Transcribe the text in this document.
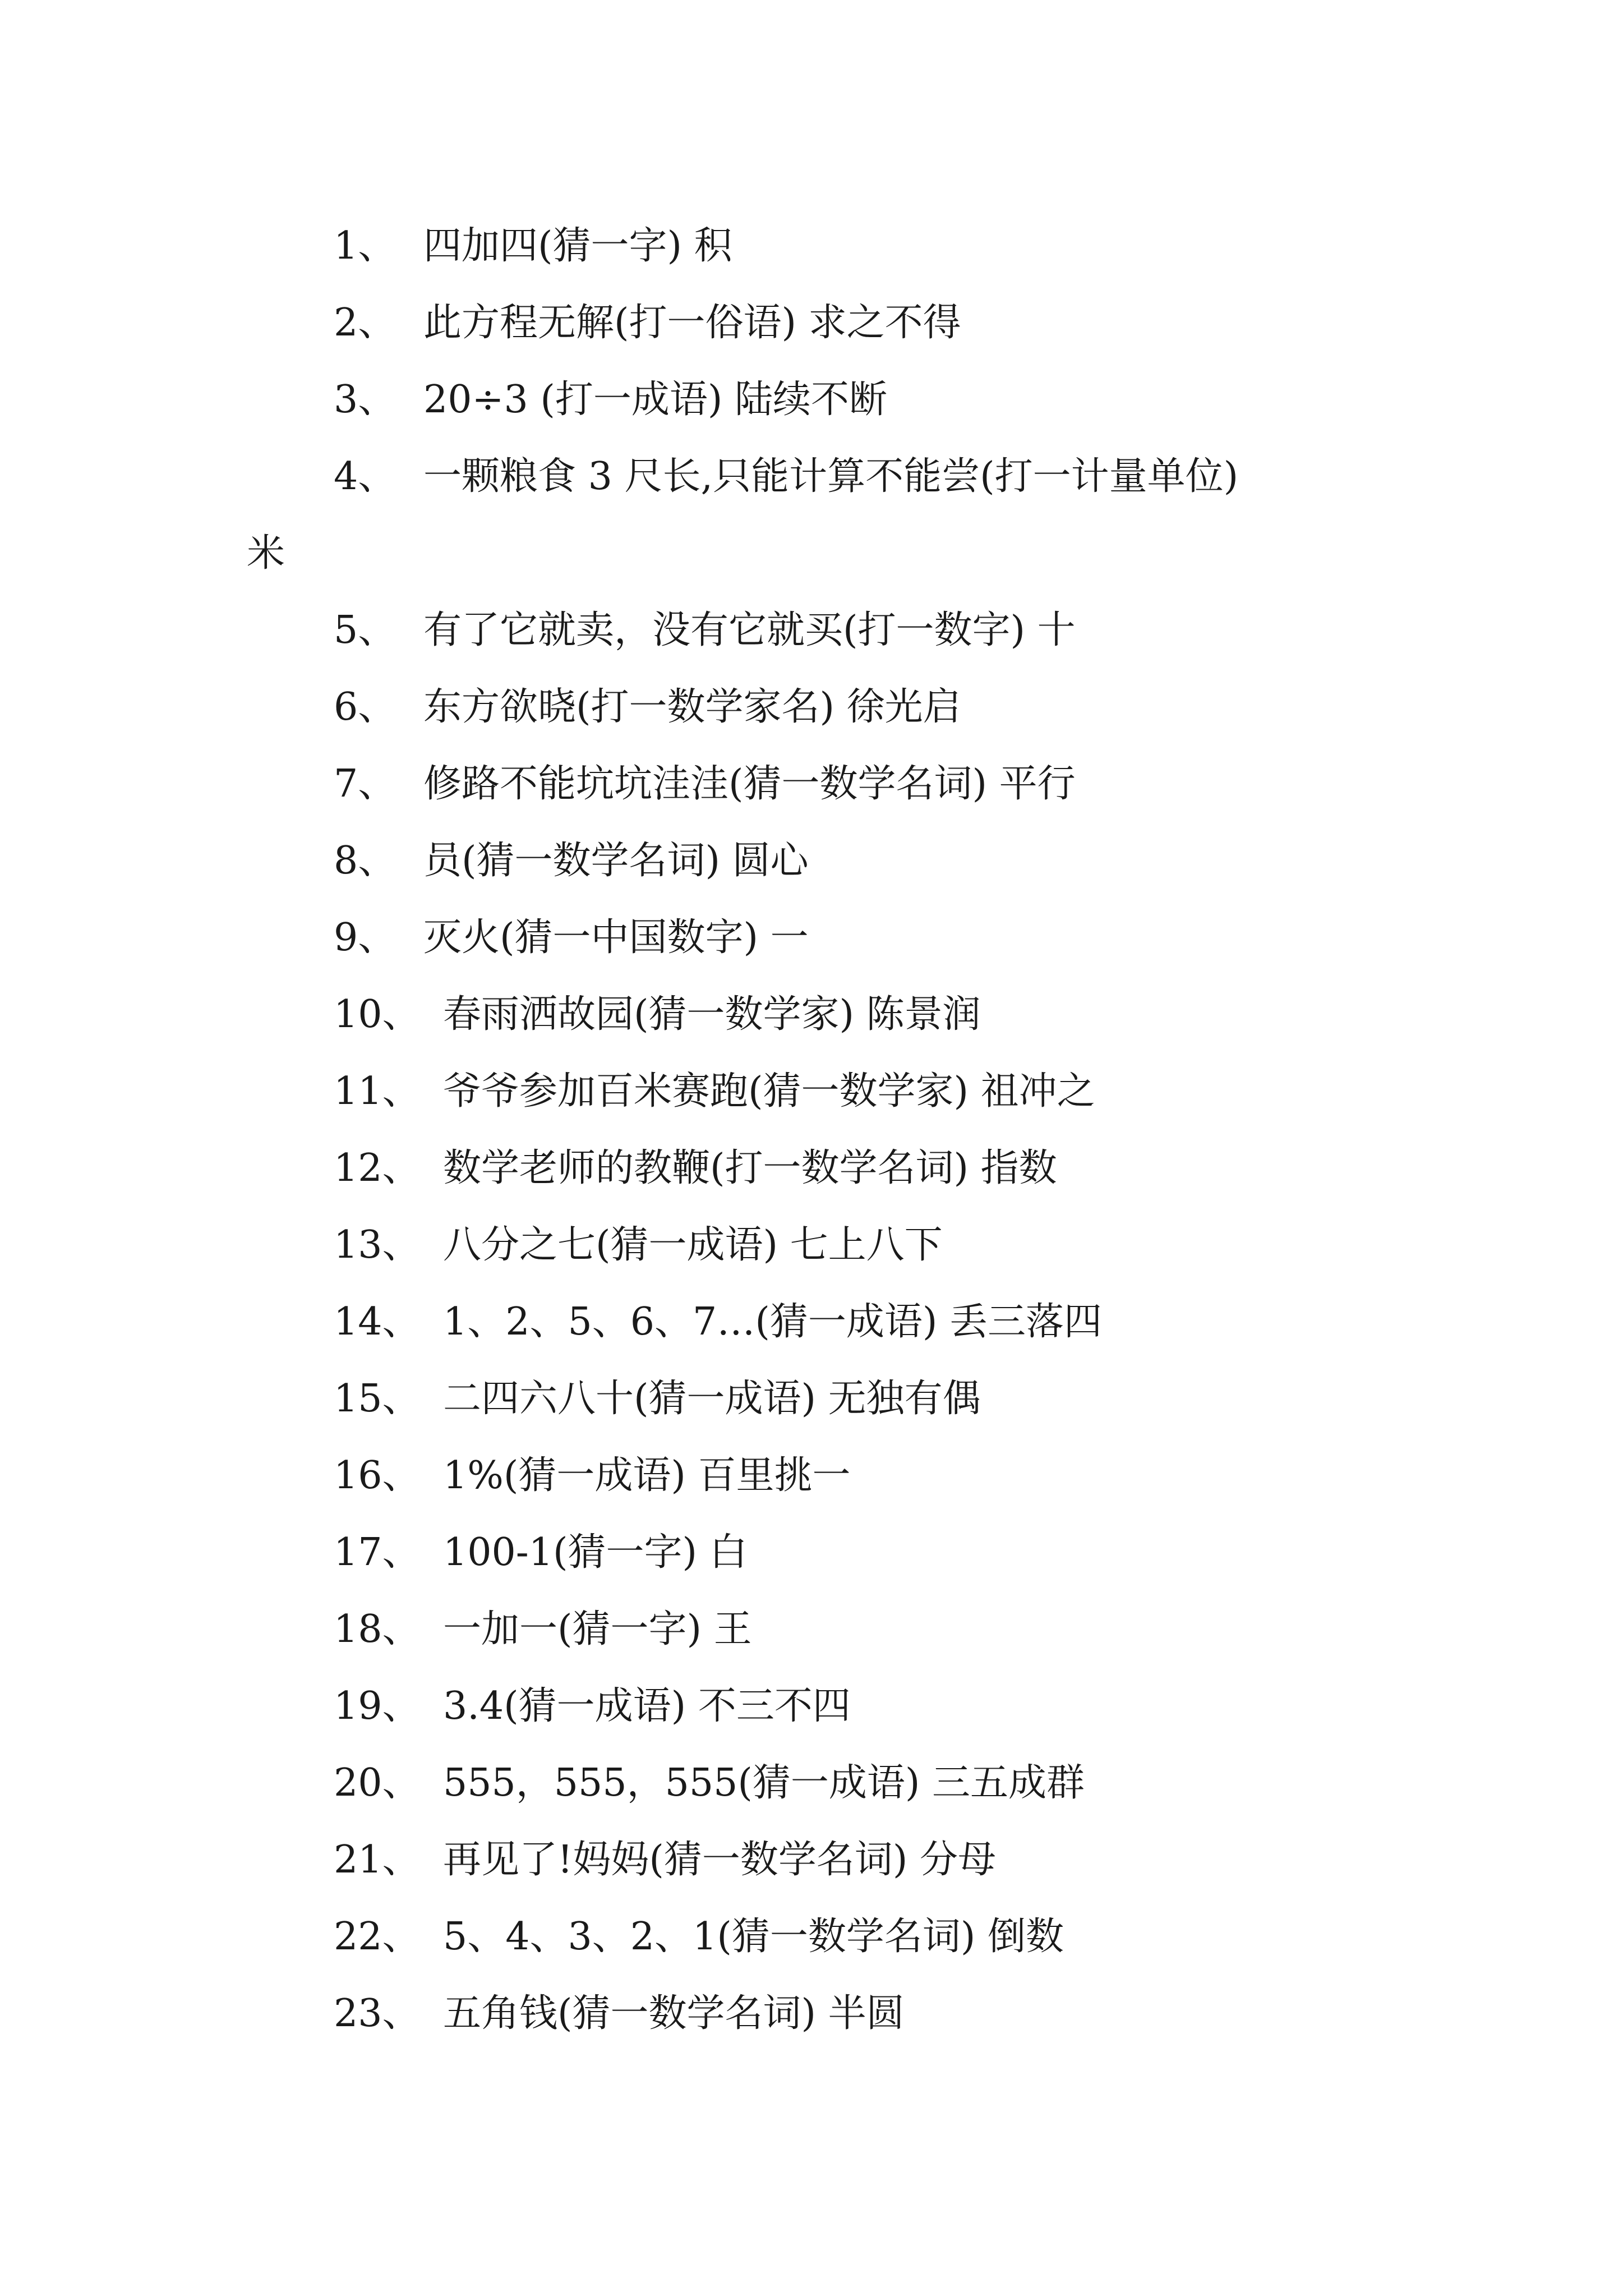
1、 四加四(猜一字) 积
2、 此方程无解(打一俗语) 求之不得
3、 20÷3 (打一成语) 陆续不断
4、 一颗粮食 3 尺长,只能计算不能尝(打一计量单位)
米
5、 有了它就卖，没有它就买(打一数字) 十
6、 东方欲晓(打一数学家名) 徐光启
7、 修路不能坑坑洼洼(猜一数学名词) 平行
8、 员(猜一数学名词) 圆心
9、 灭火(猜一中国数字) 一
10、 春雨洒故园(猜一数学家) 陈景润
11、 爷爷参加百米赛跑(猜一数学家) 祖冲之
12、 数学老师的教鞭(打一数学名词) 指数
13、 八分之七(猜一成语) 七上八下
14、 1、2、5、6、7…(猜一成语) 丢三落四
15、 二四六八十(猜一成语) 无独有偶
16、 1%(猜一成语) 百里挑一
17、 100-1(猜一字) 白
18、 一加一(猜一字) 王
19、 3.4(猜一成语) 不三不四
20、 555，555，555(猜一成语) 三五成群
21、 再见了!妈妈(猜一数学名词) 分母
22、 5、4、3、2、1(猜一数学名词) 倒数
23、 五角钱(猜一数学名词) 半圆
